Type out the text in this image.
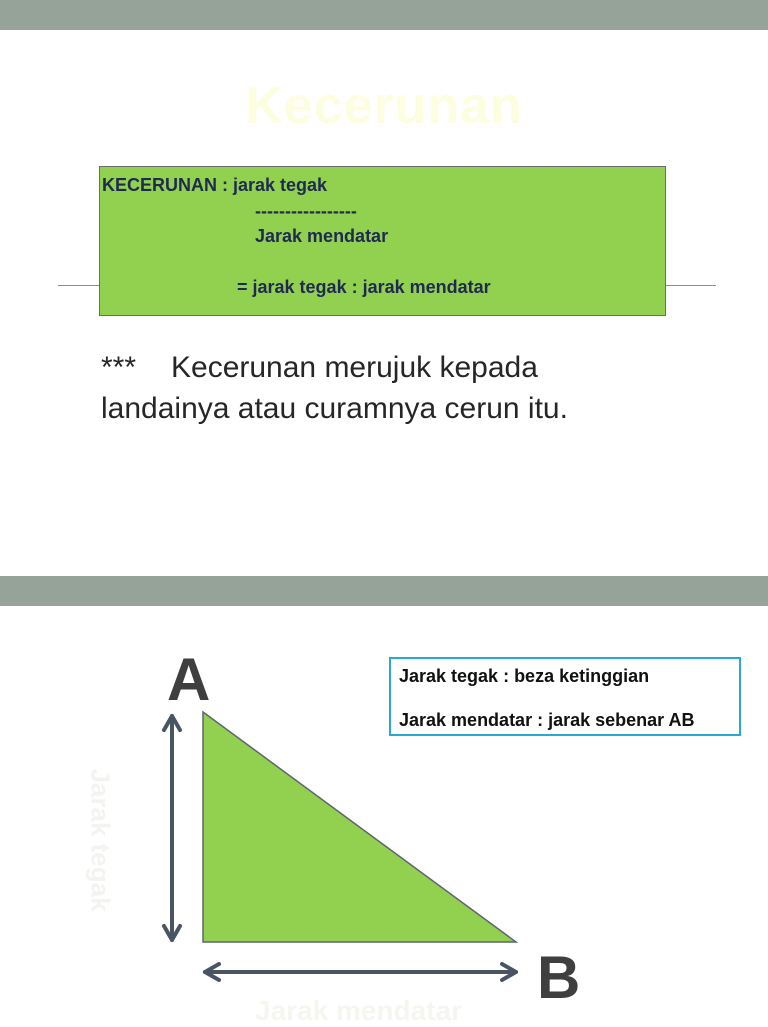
Kecerunan
KECERUNAN : jarak tegak
-----------------
Jarak mendatar
= jarak tegak : jarak mendatar
*** Kecerunan merujuk kepada
landainya atau curamnya cerun itu.
A
B
Jarak tegak : beza ketinggian
Jarak mendatar : jarak sebenar AB
Jarak tegak
Jarak mendatar
